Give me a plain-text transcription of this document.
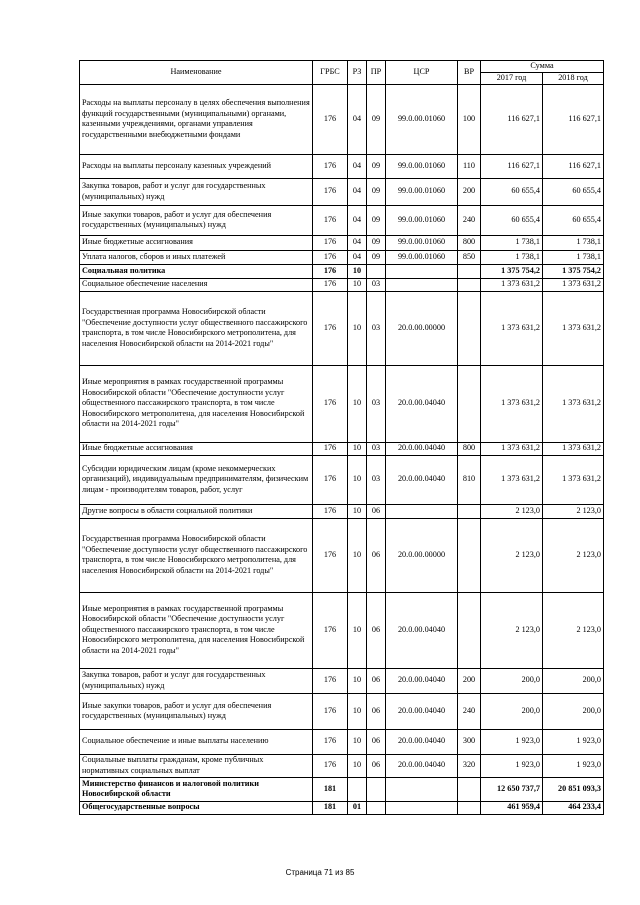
Наименование	ГРБС	РЗ	ПР	ЦСР	ВР	Сумма	
						2017 год	2018 год
Расходы на выплаты персоналу в целях обеспечения выполнения функций государственными (муниципальными) органами, казенными учреждениями, органами управления государственными внебюджетными фондами	176	04	09	99.0.00.01060	100	116 627,1	116 627,1
Расходы на выплаты персоналу казенных учреждений	176	04	09	99.0.00.01060	110	116 627,1	116 627,1
Закупка товаров, работ и услуг для государственных (муниципальных) нужд	176	04	09	99.0.00.01060	200	60 655,4	60 655,4
Иные закупки товаров, работ и услуг для обеспечения государственных (муниципальных) нужд	176	04	09	99.0.00.01060	240	60 655,4	60 655,4
Иные бюджетные ассигнования	176	04	09	99.0.00.01060	800	1 738,1	1 738,1
Уплата налогов, сборов и иных платежей	176	04	09	99.0.00.01060	850	1 738,1	1 738,1
Социальная политика	176	10				1 375 754,2	1 375 754,2
Социальное обеспечение населения	176	10	03			1 373 631,2	1 373 631,2
Государственная программа Новосибирской области "Обеспечение доступности услуг общественного пассажирского транспорта, в том числе Новосибирского метрополитена, для населения Новосибирской области на 2014-2021 годы"	176	10	03	20.0.00.00000		1 373 631,2	1 373 631,2
Иные мероприятия в рамках государственной программы Новосибирской области "Обеспечение доступности услуг общественного пассажирского транспорта, в том числе Новосибирского метрополитена, для населения Новосибирской области на 2014-2021 годы"	176	10	03	20.0.00.04040		1 373 631,2	1 373 631,2
Иные бюджетные ассигнования	176	10	03	20.0.00.04040	800	1 373 631,2	1 373 631,2
Субсидии юридическим лицам (кроме некоммерческих организаций), индивидуальным предпринимателям, физическим лицам - производителям товаров, работ, услуг	176	10	03	20.0.00.04040	810	1 373 631,2	1 373 631,2
Другие вопросы в области социальной политики	176	10	06			2 123,0	2 123,0
Государственная программа Новосибирской области "Обеспечение доступности услуг общественного пассажирского транспорта, в том числе Новосибирского метрополитена, для населения Новосибирской области на 2014-2021 годы"	176	10	06	20.0.00.00000		2 123,0	2 123,0
Иные мероприятия в рамках государственной программы Новосибирской области "Обеспечение доступности услуг общественного пассажирского транспорта, в том числе Новосибирского метрополитена, для населения Новосибирской области на 2014-2021 годы"	176	10	06	20.0.00.04040		2 123,0	2 123,0
Закупка товаров, работ и услуг для государственных (муниципальных) нужд	176	10	06	20.0.00.04040	200	200,0	200,0
Иные закупки товаров, работ и услуг для обеспечения государственных (муниципальных) нужд	176	10	06	20.0.00.04040	240	200,0	200,0
Социальное обеспечение и иные выплаты населению	176	10	06	20.0.00.04040	300	1 923,0	1 923,0
Социальные выплаты гражданам, кроме публичных нормативных социальных выплат	176	10	06	20.0.00.04040	320	1 923,0	1 923,0
Министерство финансов и налоговой политики Новосибирской области	181					12 650 737,7	20 851 093,3
Общегосударственные вопросы	181	01				461 959,4	464 233,4
Страница 71 из 85
